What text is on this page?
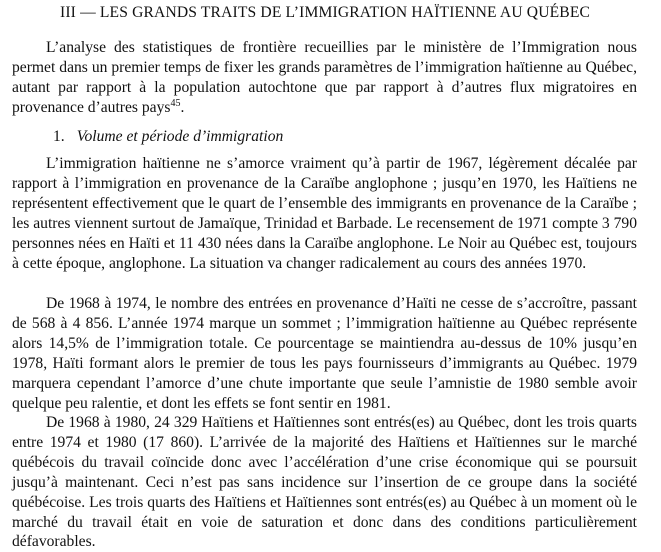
III — LES GRANDS TRAITS DE L’IMMIGRATION HAÏTIENNE AU QUÉBEC

L’analyse des statistiques de frontière recueillies par le ministère de l’Immigration nous permet dans un premier temps de fixer les grands paramètres de l’immigration haïtienne au Québec, autant par rapport à la population autochtone que par rapport à d’autres flux migratoires en provenance d’autres pays$^{45}$.

1. Volume et période d’immigration

L’immigration haïtienne ne s’amorce vraiment qu’à partir de 1967, légèrement décalée par rapport à l’immigration en provenance de la Caraïbe anglophone ; jusqu’en 1970, les Haïtiens ne représentent effectivement que le quart de l’ensemble des immigrants en provenance de la Caraïbe ; les autres viennent surtout de Jamaïque, Trinidad et Barbade. Le recensement de 1971 compte 3 790 personnes nées en Haïti et 11 430 nées dans la Caraïbe anglophone. Le Noir au Québec est, toujours à cette époque, anglophone. La situation va changer radicalement au cours des années 1970.

De 1968 à 1974, le nombre des entrées en provenance d’Haïti ne cesse de s’accroître, passant de 568 à 4 856. L’année 1974 marque un sommet ; l’immigration haïtienne au Québec représente alors 14,5% de l’immigration totale. Ce pourcentage se maintiendra au-dessus de 10% jusqu’en 1978, Haïti formant alors le premier de tous les pays fournisseurs d’immigrants au Québec. 1979 marquera cependant l’amorce d’une chute importante que seule l’amnistie de 1980 semble avoir quelque peu ralentie, et dont les effets se font sentir en 1981.

De 1968 à 1980, 24 329 Haïtiens et Haïtiennes sont entrés(es) au Québec, dont les trois quarts entre 1974 et 1980 (17 860). L’arrivée de la majorité des Haïtiens et Haïtiennes sur le marché québécois du travail coïncide donc avec l’accélération d’une crise économique qui se poursuit jusqu’à maintenant. Ceci n’est pas sans incidence sur l’insertion de ce groupe dans la société québécoise. Les trois quarts des Haïtiens et Haïtiennes sont entrés(es) au Québec à un moment où le marché du travail était en voie de saturation et donc dans des conditions particulièrement défavorables.
